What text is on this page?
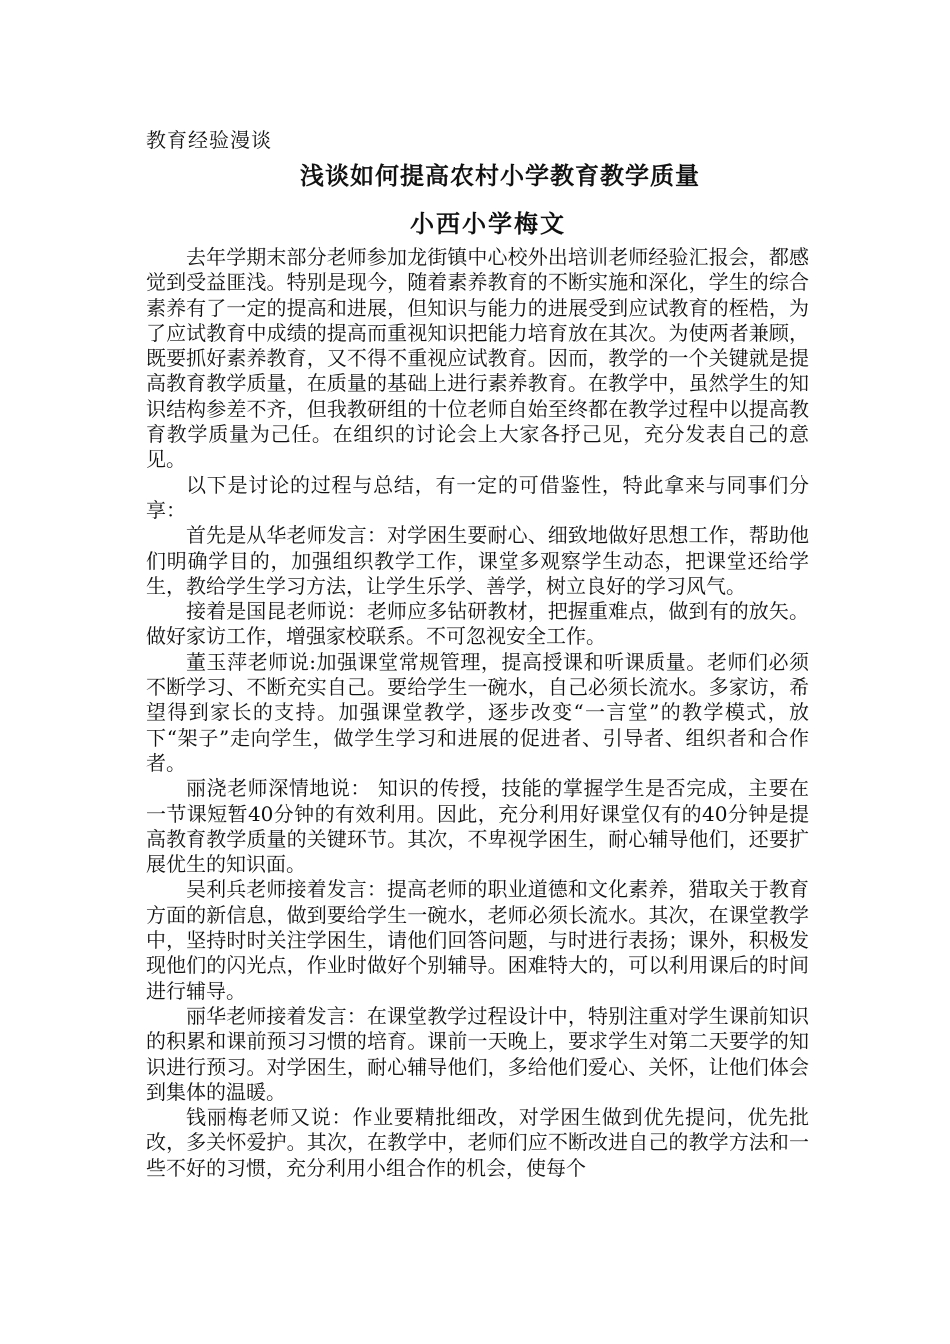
教育经验漫谈
浅谈如何提高农村小学教育教学质量
小西小学梅文

去年学期末部分老师参加龙街镇中心校外出培训老师经验汇报会，都感觉到受益匪浅。特别是现今，随着素养教育的不断实施和深化，学生的综合素养有了一定的提高和进展，但知识与能力的进展受到应试教育的桎梏，为了应试教育中成绩的提高而重视知识把能力培育放在其次。为使两者兼顾，既要抓好素养教育，又不得不重视应试教育。因而，教学的一个关键就是提高教育教学质量，在质量的基础上进行素养教育。在教学中，虽然学生的知识结构参差不齐，但我教研组的十位老师自始至终都在教学过程中以提高教育教学质量为己任。在组织的讨论会上大家各抒己见，充分发表自己的意见。

以下是讨论的过程与总结，有一定的可借鉴性，特此拿来与同事们分享：

首先是从华老师发言：对学困生要耐心、细致地做好思想工作，帮助他们明确学目的，加强组织教学工作，课堂多观察学生动态，把课堂还给学生，教给学生学习方法，让学生乐学、善学，树立良好的学习风气。

接着是国昆老师说：老师应多钻研教材，把握重难点，做到有的放矢。做好家访工作，增强家校联系。不可忽视安全工作。

董玉萍老师说:加强课堂常规管理，提高授课和听课质量。老师们必须不断学习、不断充实自己。要给学生一碗水，自己必须长流水。多家访，希望得到家长的支持。加强课堂教学，逐步改变“一言堂”的教学模式，放下“架子”走向学生，做学生学习和进展的促进者、引导者、组织者和合作者。

丽浇老师深情地说： 知识的传授，技能的掌握学生是否完成，主要在一节课短暂40分钟的有效利用。因此，充分利用好课堂仅有的40分钟是提高教育教学质量的关键环节。其次，不卑视学困生，耐心辅导他们，还要扩展优生的知识面。

吴利兵老师接着发言：提高老师的职业道德和文化素养，猎取关于教育方面的新信息，做到要给学生一碗水，老师必须长流水。其次，在课堂教学中，坚持时时关注学困生，请他们回答问题，与时进行表扬；课外，积极发现他们的闪光点，作业时做好个别辅导。困难特大的，可以利用课后的时间进行辅导。

丽华老师接着发言：在课堂教学过程设计中，特别注重对学生课前知识的积累和课前预习习惯的培育。课前一天晚上，要求学生对第二天要学的知识进行预习。对学困生，耐心辅导他们，多给他们爱心、关怀，让他们体会到集体的温暖。

钱丽梅老师又说：作业要精批细改，对学困生做到优先提问，优先批改，多关怀爱护。其次，在教学中，老师们应不断改进自己的教学方法和一些不好的习惯，充分利用小组合作的机会，使每个
